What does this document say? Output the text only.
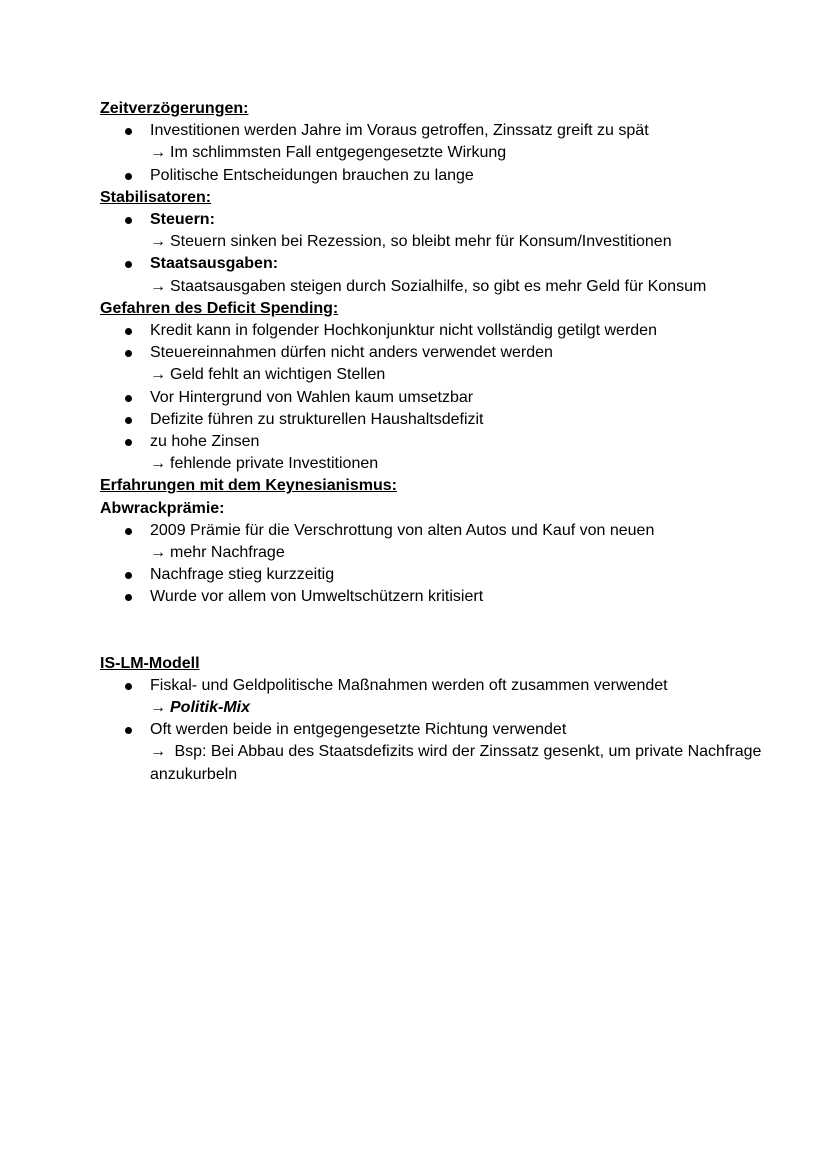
Zeitverzögerungen:

Investitionen werden Jahre im Voraus getroffen, Zinssatz greift zu spät
→ Im schlimmsten Fall entgegengesetzte Wirkung
Politische Entscheidungen brauchen zu lange

Stabilisatoren:

Steuern:
→ Steuern sinken bei Rezession, so bleibt mehr für Konsum/Investitionen
Staatsausgaben:
→ Staatsausgaben steigen durch Sozialhilfe, so gibt es mehr Geld für Konsum

Gefahren des Deficit Spending:

Kredit kann in folgender Hochkonjunktur nicht vollständig getilgt werden
Steuereinnahmen dürfen nicht anders verwendet werden
→ Geld fehlt an wichtigen Stellen
Vor Hintergrund von Wahlen kaum umsetzbar
Defizite führen zu strukturellen Haushaltsdefizit
zu hohe Zinsen
→ fehlende private Investitionen

Erfahrungen mit dem Keynesianismus:

Abwrackprämie:

2009 Prämie für die Verschrottung von alten Autos und Kauf von neuen
→ mehr Nachfrage
Nachfrage stieg kurzzeitig
Wurde vor allem von Umweltschützern kritisiert

IS-LM-Modell

Fiskal- und Geldpolitische Maßnahmen werden oft zusammen verwendet
→ Politik-Mix
Oft werden beide in entgegengesetzte Richtung verwendet
→ Bsp: Bei Abbau des Staatsdefizits wird der Zinssatz gesenkt, um private Nachfrage anzukurbeln
